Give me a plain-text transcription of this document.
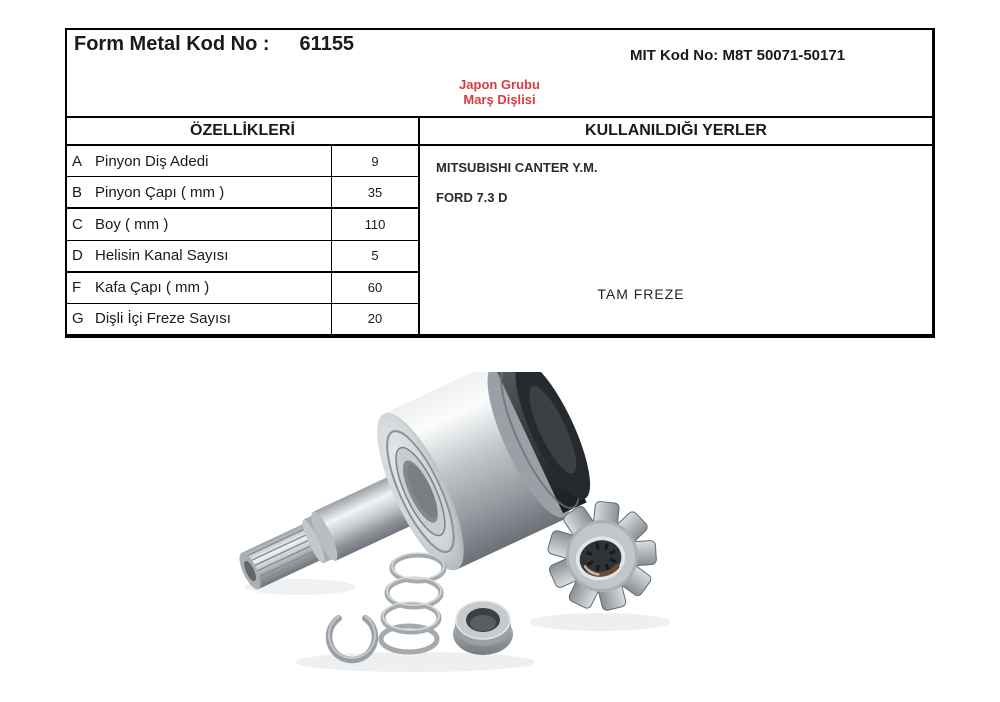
Form Metal Kod No : 61155
MIT Kod No: M8T 50071-50171
Japon Grubu
Marş Dişlisi
ÖZELLİKLERİ	KULLANILDIĞI YERLER
A Pinyon Diş Adedi	9
B Pinyon Çapı ( mm )	35
C Boy ( mm )	110
D Helisin Kanal Sayısı	5
F Kafa Çapı ( mm )	60
G Dişli İçi Freze Sayısı	20
MITSUBISHI CANTER Y.M.
FORD 7.3 D
TAM FREZE
